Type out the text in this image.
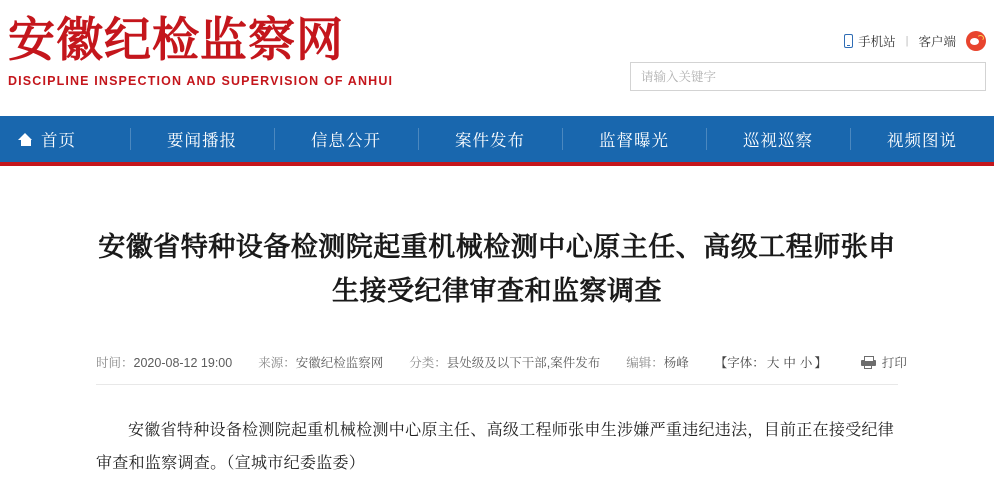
安徽纪检监察网
DISCIPLINE INSPECTION AND SUPERVISION OF ANHUI
手机站 | 客户端
请输入关键字
首页	要闻播报	信息公开	案件发布	监督曝光	巡视巡察	视频图说
安徽省特种设备检测院起重机械检测中心原主任、高级工程师张申生接受纪律审查和监察调查
时间：2020-08-12 19:00 来源：安徽纪检监察网 分类：县处级及以下干部,案件发布 编辑：杨峰 【字体： 大 中 小 】	打印
安徽省特种设备检测院起重机械检测中心原主任、高级工程师张申生涉嫌严重违纪违法，目前正在接受纪律审查和监察调查。（宣城市纪委监委）
